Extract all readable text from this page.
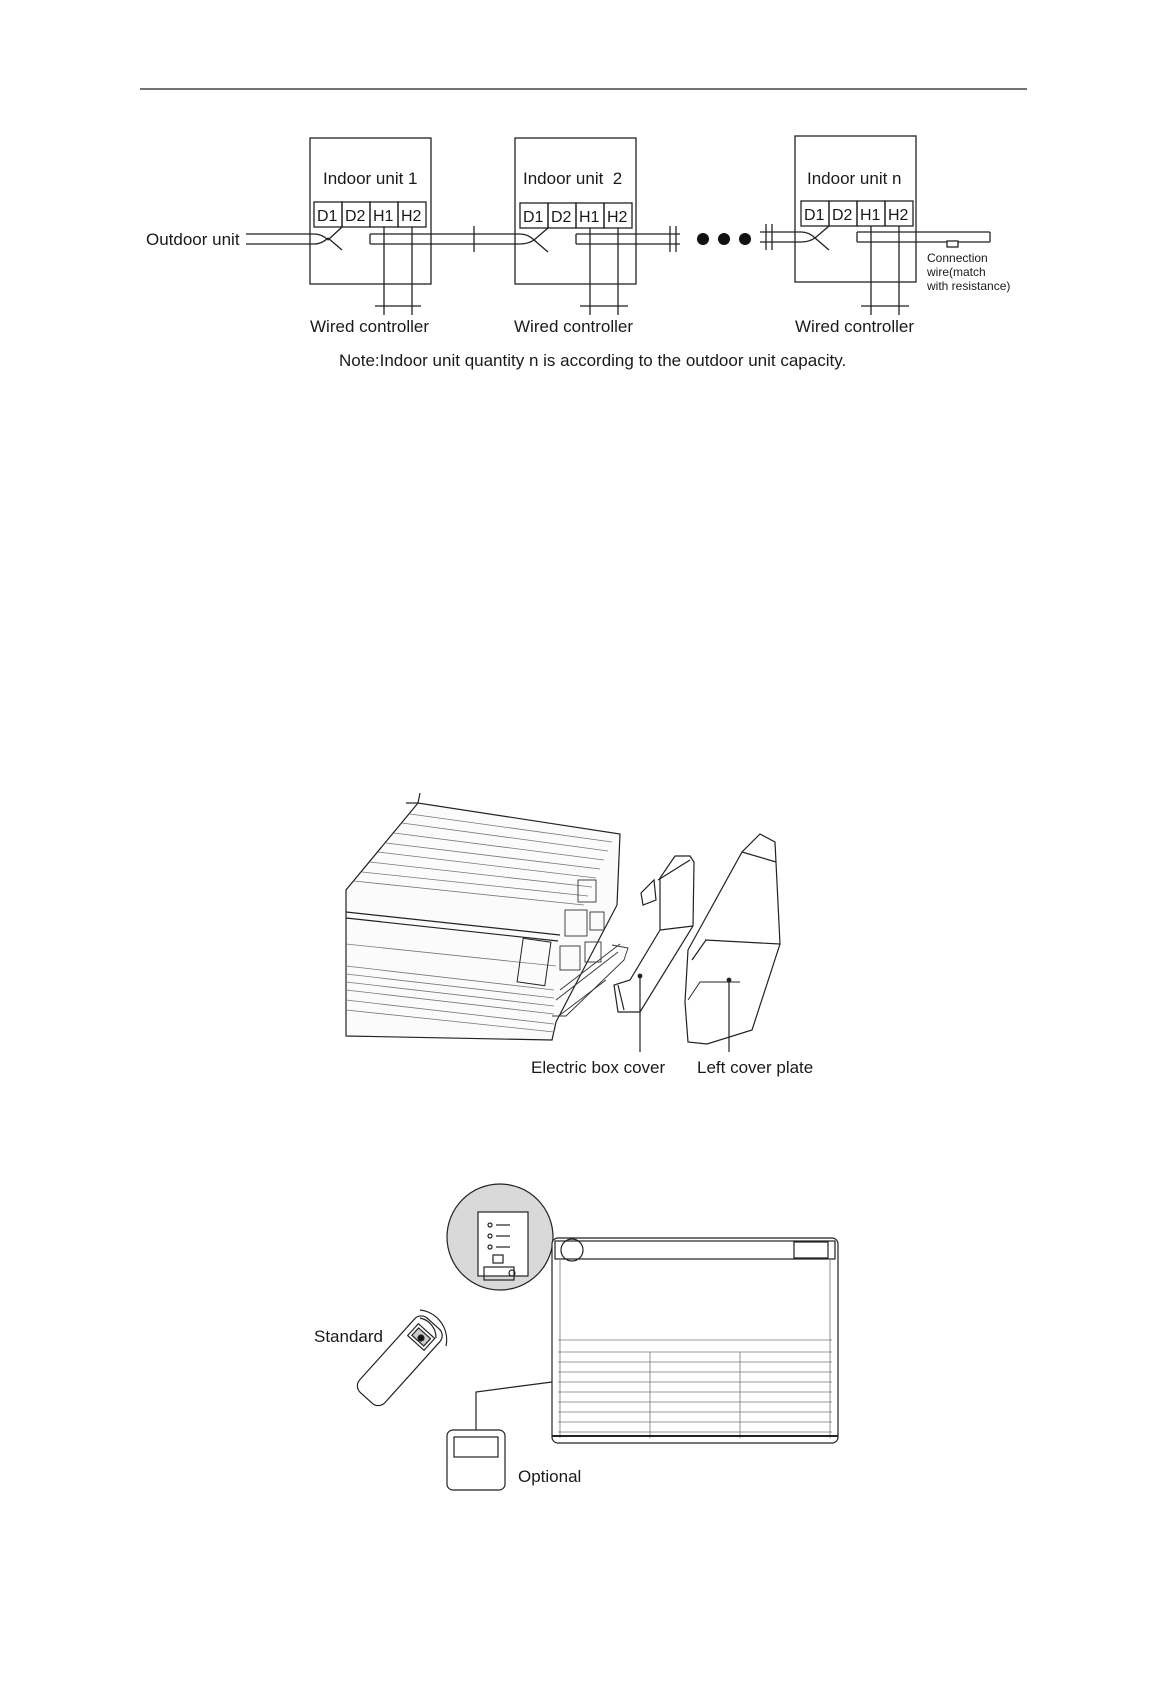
Outdoor unit
Indoor unit 1	Indoor unit  2	Indoor unit n
D1 D2 H1 H2	D1 D2 H1 H2	D1 D2 H1 H2
Connection
wire(match
with resistance)
Wired controller	Wired controller	Wired controller
Note:Indoor unit quantity n is according to the outdoor unit capacity.
Electric box cover Left cover plate
Standard
Optional
